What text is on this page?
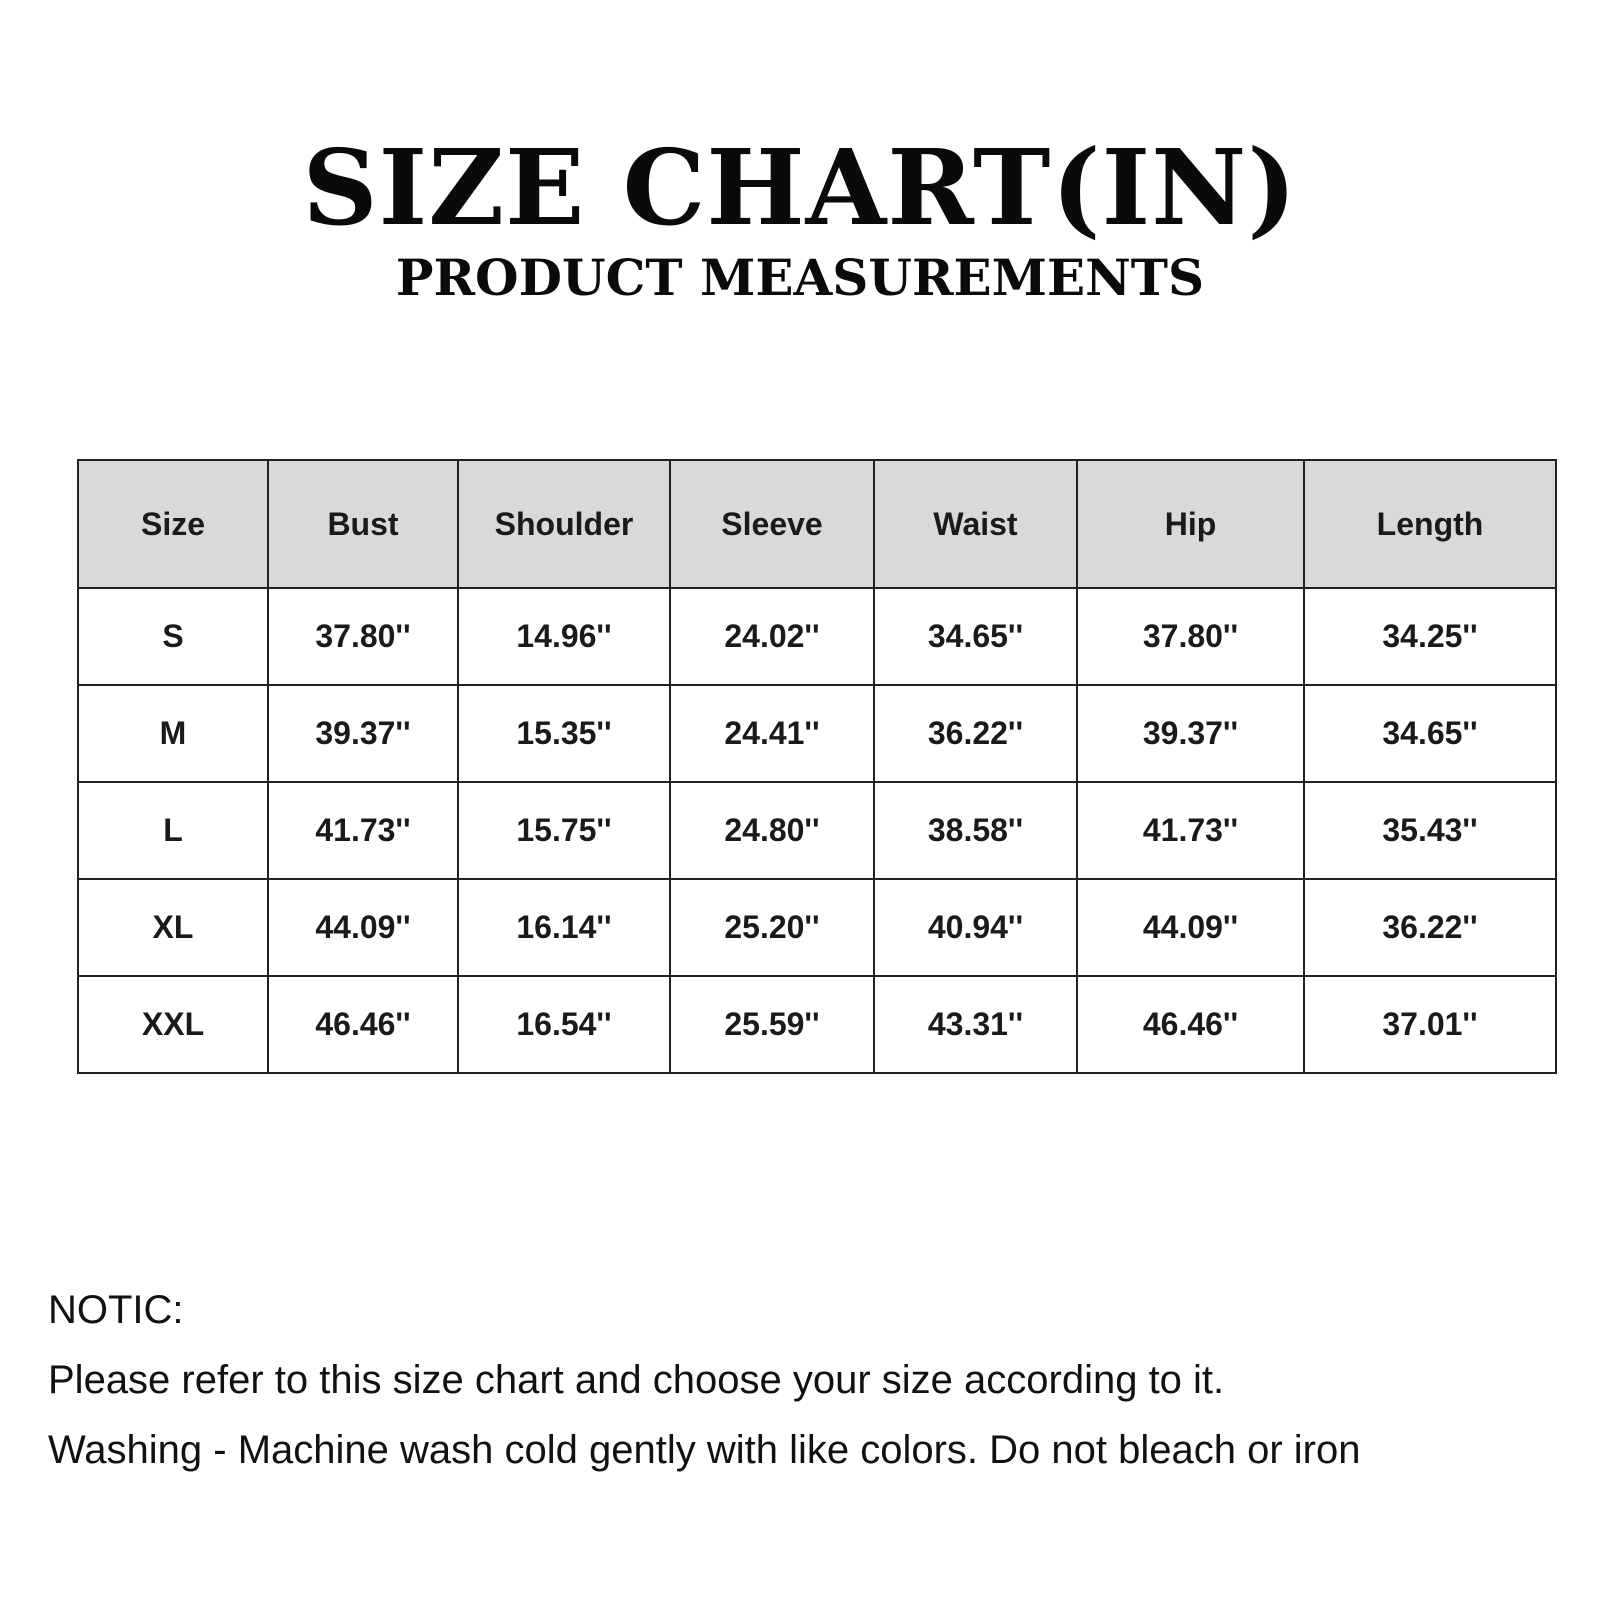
SIZE CHART(IN)
PRODUCT MEASUREMENTS
Size	Bust	Shoulder	Sleeve	Waist	Hip	Length
S	37.80''	14.96''	24.02''	34.65''	37.80''	34.25''
M	39.37''	15.35''	24.41''	36.22''	39.37''	34.65''
L	41.73''	15.75''	24.80''	38.58''	41.73''	35.43''
XL	44.09''	16.14''	25.20''	40.94''	44.09''	36.22''
XXL	46.46''	16.54''	25.59''	43.31''	46.46''	37.01''
NOTIC:
Please refer to this size chart and choose your size according to it.
Washing - Machine wash cold gently with like colors. Do not bleach or iron
